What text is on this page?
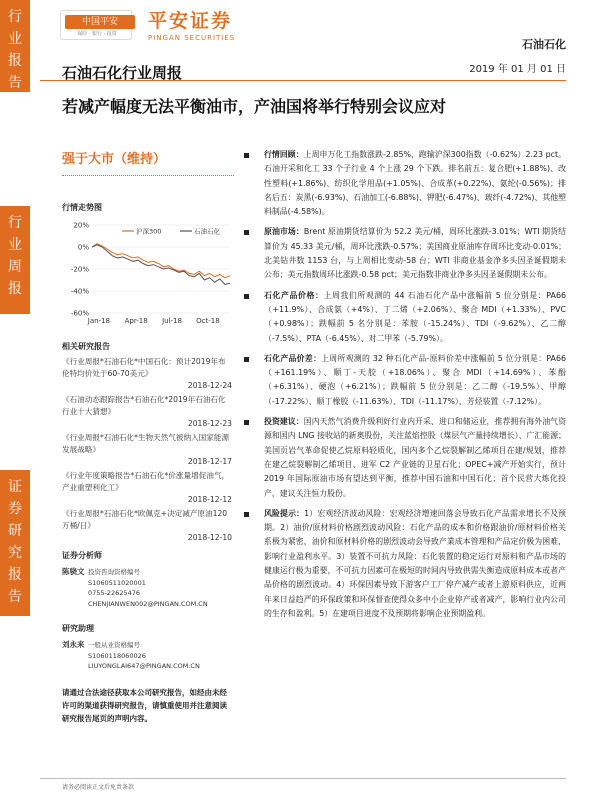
行
业
报
告
行
业
周
报
证
券
研
究
报
告
中国平安
保险 · 银行 · 投资
平安证券
PINGAN SECURITIES	石油石化
石油石化行业周报	2019 年 01 月 01 日
若减产幅度无法平衡油市，产油国将举行特别会议应对
强于大市（维持）
行情走势图
20%
0%
-20%
-40%
-60%
Jan-18 Apr-18 Jul-18 Oct-18
沪深300	石油石化
相关研究报告
《行业周报*石油石化*中国石化：预计2019年布伦特均价处于60-70美元》
2018-12-24
《石油动态跟踪报告*石油石化*2019年石油石化行业十大猜想》
2018-12-23
《行业周报*石油石化*生物天然气被纳入国家能源发展战略》
2018-12-17
《行业年度策略报告*石油石化*价涨量增促油气，产业重塑利化工》
2018-12-12
《行业周报*石油石化*欧佩克+决定减产原油120万桶/日》
2018-12-10
证券分析师
陈骁文 投资咨询资格编号
S1060511020001
0755-22625476
CHENJIANWEN002@PINGAN.COM.CN
研究助理
刘永来 一般从业资格编号
S1060118060026
LIUYONGLAI647@PINGAN.COM.CN
请通过合法途径获取本公司研究报告，如经由未经许可的渠道获得研究报告，请慎重使用并注意阅读研究报告尾页的声明内容。
行情回顾：上周申万化工指数涨跌-2.85%，跑输沪深300指数（-0.62%）2.23 pct。石油开采和化工 33 个子行业 4 个上涨 29 个下跌。排名前五：复合肥(+1.88%)、改性塑料(+1.86%)、纺织化学用品(+1.05%)、合成革(+0.22%)、氨纶(-0.56%)；排名后五：炭黑(-6.93%)、石油加工(-6.88%)、钾肥(-6.47%)、玻纤(-4.72%)、其他塑料制品(-4.58%)。
原油市场：Brent 原油期货结算价为 52.2 美元/桶，周环比涨跌-3.01%；WTI 期货结算价为 45.33 美元/桶，周环比涨跌-0.57%；美国商业原油库存周环比变动-0.01%；北美钻井数 1153 台，与上周相比变动-58 台；WTI 非商业基金净多头因圣诞假期未公布；美元指数周环比涨跌-0.58 pct；美元指数非商业净多头因圣诞假期未公布。
石化产品价格：上周我们所观测的 44 石油石化产品中涨幅前 5 位分别是：PA66（+11.9%）、合成氨（+4%）、丁二烯（+2.06%）、聚合 MDI（+1.33%）、PVC（+0.98%）；跌幅前 5 名分别是：苯胺（-15.24%）、TDI（-9.62%）、乙二醇（-7.5%）、PTA（-6.45%）、对二甲苯（-5.79%）。
石化产品价差：上周所观测的 32 种石化产品-原料价差中涨幅前 5 位分别是：PA66（+161.19%）、顺丁-天胶（+18.06%）、聚合 MDI（+14.69%）、苯酚（+6.31%）、硬泡（+6.21%）；跌幅前 5 位分别是：乙二醇（-19.5%）、甲醇（-17.22%）、顺丁橡胶（-11.63%）、TDI（-11.17%）、芳烃装置（-7.12%）。
投资建议：国内天然气消费升级利好行业内开采、进口和储运业，推荐拥有海外油气资源和国内 LNG 接收站的新奥股份，关注蓝焰控股（煤层气产量持续增长）、广汇能源；美国页岩气革命促使乙烷原料轻质化，国内多个乙烷裂解制乙烯项目在建/规划，推荐在建乙烷裂解制乙烯项目、进军 C2 产业链的卫星石化；OPEC+减产开始实行，预计 2019 年国际原油市场有望达到平衡，推荐中国石油和中国石化；首个民营大炼化投产，建议关注恒力股份。
风险提示：1）宏观经济波动风险：宏观经济增速回落会导致石化产品需求增长不及预期。2）油价/原材料价格剧烈波动风险：石化产品的成本和价格跟油价/原材料价格关系极为紧密，油价和原材料价格的剧烈波动会导致产業成本管理和产品定价极为困难，影响行业盈利水平。3）装置不可抗力风险：石化装置的稳定运行对原料和产品市场的健康运行极为重要，不可抗力因素可在极短的时间内导致供需失衡造成原料成本或者产品价格的剧烈波动。4）环保因素导致下游客户工厂停产减产或者上游原料供应，近两年来日益趋严的环保政策和环保督查使得众多中小企业停产或者减产，影响行业内公司的生存和盈利。5）在建项目进度不及预期将影响企业预期盈利。
请务必阅读正文后免责条款
